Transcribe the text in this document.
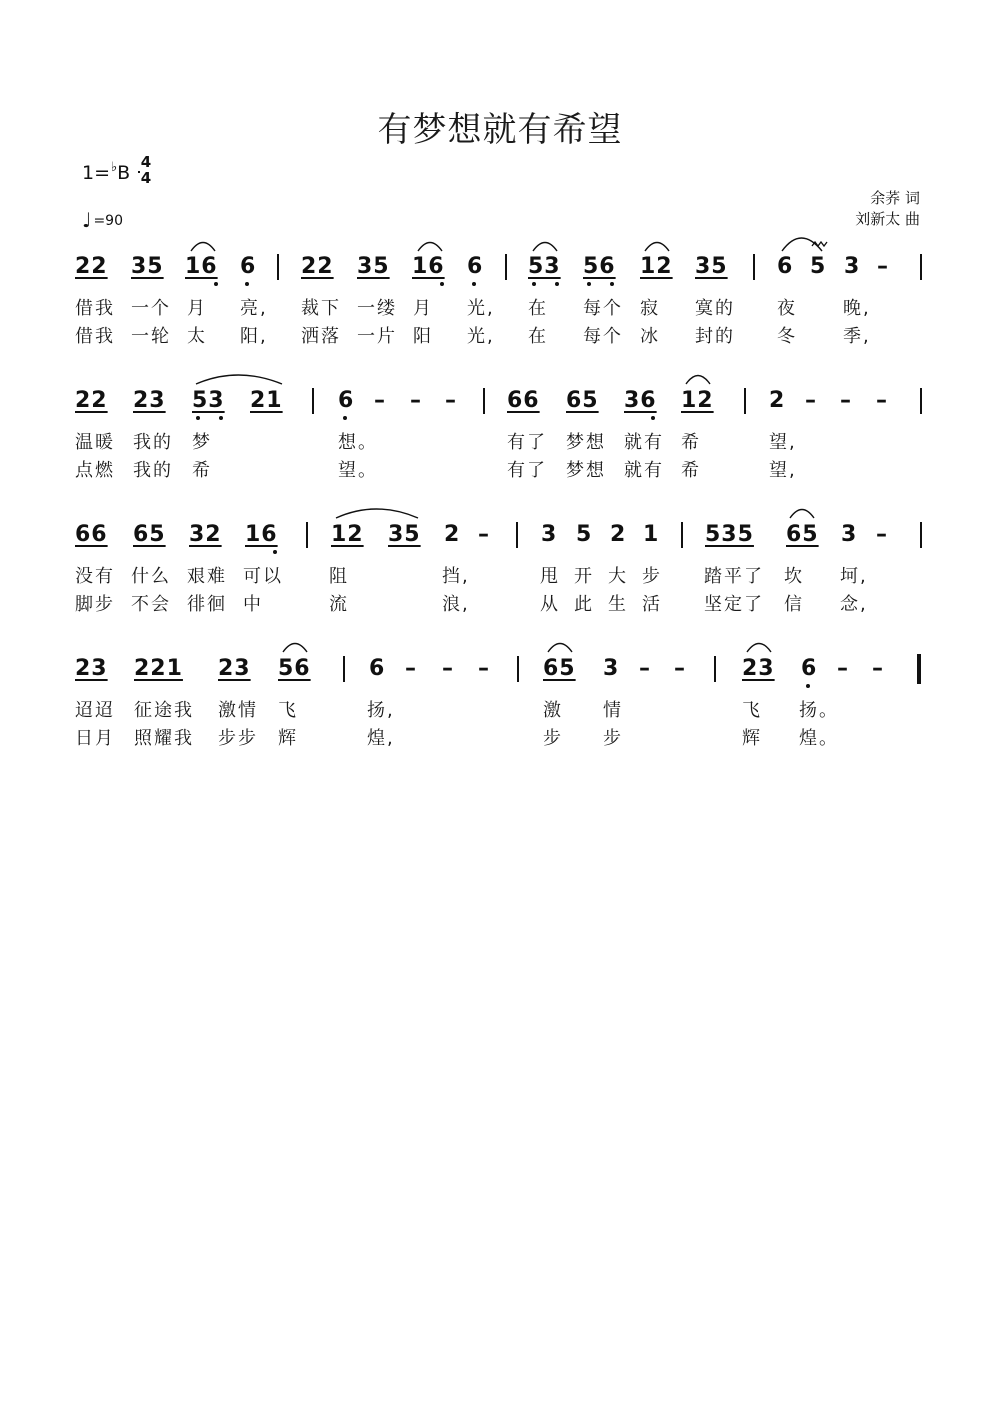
有梦想就有希望
1=♭B 4
4
♩ =90
余荞 词
刘新太 曲
22 35 16 6 22 35 16 6 53 56 12 35 6 5 3 –
借我 一个 月 亮, 裁下 一缕 月 光, 在 每个 寂 寞的 夜	晚,
借我 一轮 太 阳, 洒落 一片 阳 光, 在 每个 冰 封的 冬	季,
22 23 53 21	6 – – – 66 65 36 12	2 – – –
温暖 我的 梦	想。	有了 梦想 就有 希	望,
点燃 我的 希	望。	有了 梦想 就有 希	望,
66 65 32 16 12 35 2 – 3 5 2 1 535 65 3 –
没有 什么 艰难 可以	阻	挡,	甩 开 大 步 踏平了 坎 坷,
脚步 不会 徘徊 中	流	浪,	从 此 生 活 坚定了 信 念,
23 221 23 56	6 – – – 65 3 – –	23 6 – –
迢迢 征途我 激情 飞	扬,	激 情	飞 扬。
日月 照耀我 步步 辉	煌,	步 步	辉 煌。
